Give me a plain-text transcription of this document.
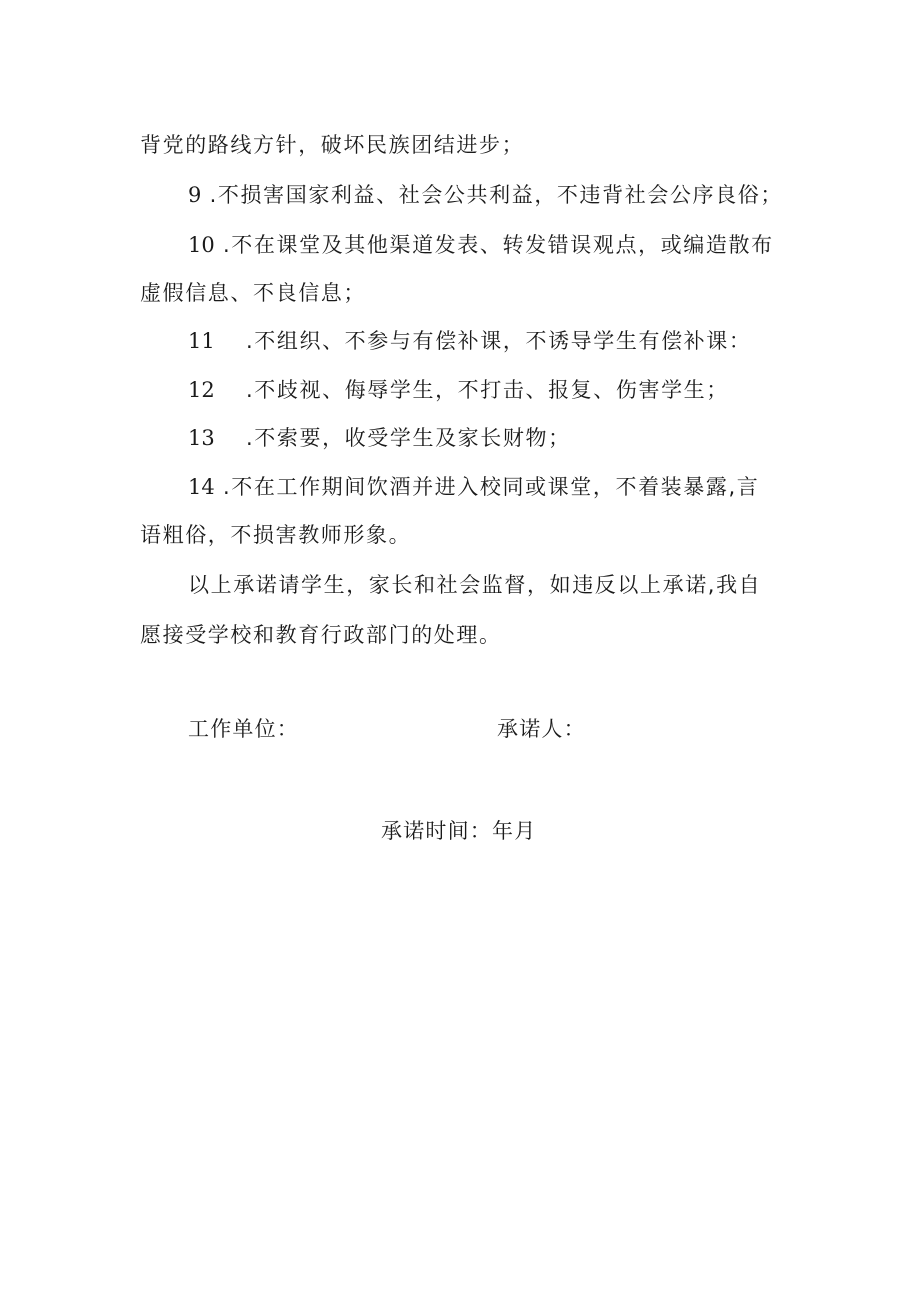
背党的路线方针，破坏民族团结进步；
9 .不损害国家利益、社会公共利益，不违背社会公序良俗；
10 .不在课堂及其他渠道发表、转发错误观点，或编造散布
虚假信息、不良信息；
11 .不组织、不参与有偿补课，不诱导学生有偿补课：
12 .不歧视、侮辱学生，不打击、报复、伤害学生；
13 .不索要，收受学生及家长财物；
14 .不在工作期间饮酒并进入校同或课堂，不着装暴露,言
语粗俗，不损害教师形象。
以上承诺请学生，家长和社会监督，如违反以上承诺,我自
愿接受学校和教育行政部门的处理。
工作单位：	承诺人：
承诺时间：年月
